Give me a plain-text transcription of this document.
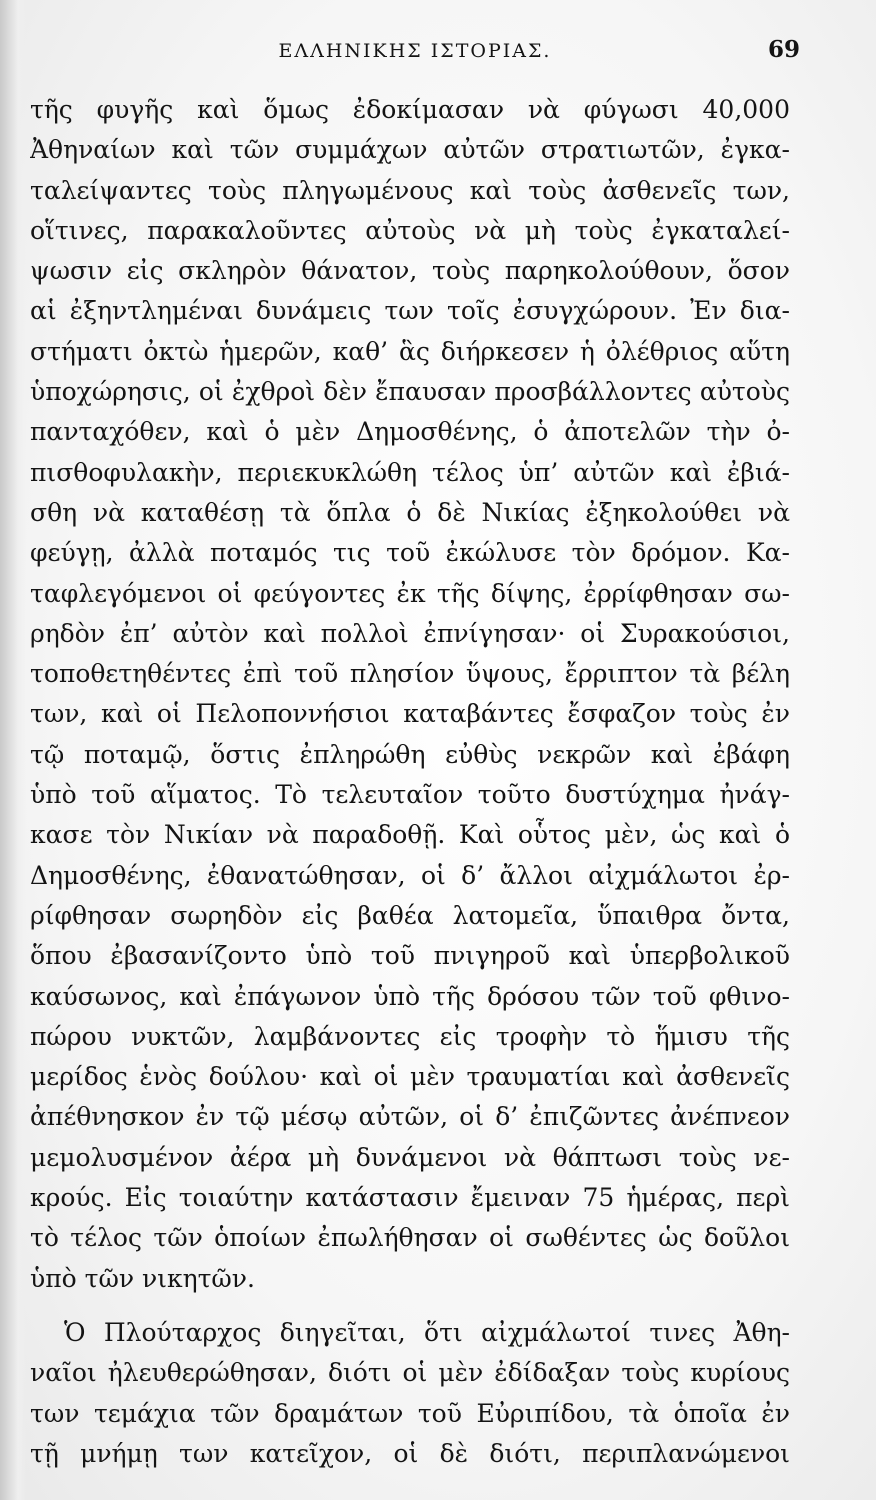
ΕΛΛΗΝΙΚΗΣ ΙΣΤΟΡΙΑΣ.	69
τῆς φυγῆς καὶ ὅμως ἐδοκίμασαν νὰ φύγωσι 40,000
Ἀθηναίων καὶ τῶν συμμάχων αὐτῶν στρατιωτῶν, ἐγκα-
ταλείψαντες τοὺς πληγωμένους καὶ τοὺς ἀσθενεῖς των,
οἵτινες, παρακαλοῦντες αὐτοὺς νὰ μὴ τοὺς ἐγκαταλεί-
ψωσιν εἰς σκληρὸν θάνατον, τοὺς παρηκολούθουν, ὅσον
αἱ ἐξηντλημέναι δυνάμεις των τοῖς ἐσυγχώρουν. Ἐν δια-
στήματι ὀκτὼ ἡμερῶν, καθ’ ἃς διήρκεσεν ἡ ὀλέθριος αὕτη
ὑποχώρησις, οἱ ἐχθροὶ δὲν ἔπαυσαν προσβάλλοντες αὐτοὺς
πανταχόθεν, καὶ ὁ μὲν Δημοσθένης, ὁ ἀποτελῶν τὴν ὀ-
πισθοφυλακὴν, περιεκυκλώθη τέλος ὑπ’ αὐτῶν καὶ ἐβιά-
σθη νὰ καταθέσῃ τὰ ὅπλα ὁ δὲ Νικίας ἐξηκολούθει νὰ
φεύγῃ, ἀλλὰ ποταμός τις τοῦ ἐκώλυσε τὸν δρόμον. Κα-
ταφλεγόμενοι οἱ φεύγοντες ἐκ τῆς δίψης, ἐρρίφθησαν σω-
ρηδὸν ἐπ’ αὐτὸν καὶ πολλοὶ ἐπνίγησαν· οἱ Συρακούσιοι,
τοποθετηθέντες ἐπὶ τοῦ πλησίον ὕψους, ἔρριπτον τὰ βέλη
των, καὶ οἱ Πελοποννήσιοι καταβάντες ἔσφαζον τοὺς ἐν
τῷ ποταμῷ, ὅστις ἐπληρώθη εὐθὺς νεκρῶν καὶ ἐβάφη
ὑπὸ τοῦ αἵματος. Τὸ τελευταῖον τοῦτο δυστύχημα ἠνάγ-
κασε τὸν Νικίαν νὰ παραδοθῇ. Καὶ οὗτος μὲν, ὡς καὶ ὁ
Δημοσθένης, ἐθανατώθησαν, οἱ δ’ ἄλλοι αἰχμάλωτοι ἐρ-
ρίφθησαν σωρηδὸν εἰς βαθέα λατομεῖα, ὕπαιθρα ὄντα,
ὅπου ἐβασανίζοντο ὑπὸ τοῦ πνιγηροῦ καὶ ὑπερβολικοῦ
καύσωνος, καὶ ἐπάγωνον ὑπὸ τῆς δρόσου τῶν τοῦ φθινο-
πώρου νυκτῶν, λαμβάνοντες εἰς τροφὴν τὸ ἥμισυ τῆς
μερίδος ἑνὸς δούλου· καὶ οἱ μὲν τραυματίαι καὶ ἀσθενεῖς
ἀπέθνησκον ἐν τῷ μέσῳ αὐτῶν, οἱ δ’ ἐπιζῶντες ἀνέπνεον
μεμολυσμένον ἀέρα μὴ δυνάμενοι νὰ θάπτωσι τοὺς νε-
κρούς. Εἰς τοιαύτην κατάστασιν ἔμειναν 75 ἡμέρας, περὶ
τὸ τέλος τῶν ὁποίων ἐπωλήθησαν οἱ σωθέντες ὡς δοῦλοι
ὑπὸ τῶν νικητῶν.
Ὁ Πλούταρχος διηγεῖται, ὅτι αἰχμάλωτοί τινες Ἀθη-
ναῖοι ἠλευθερώθησαν, διότι οἱ μὲν ἐδίδαξαν τοὺς κυρίους
των τεμάχια τῶν δραμάτων τοῦ Εὐριπίδου, τὰ ὁποῖα ἐν
τῇ μνήμῃ των κατεῖχον, οἱ δὲ διότι, περιπλανώμενοι
